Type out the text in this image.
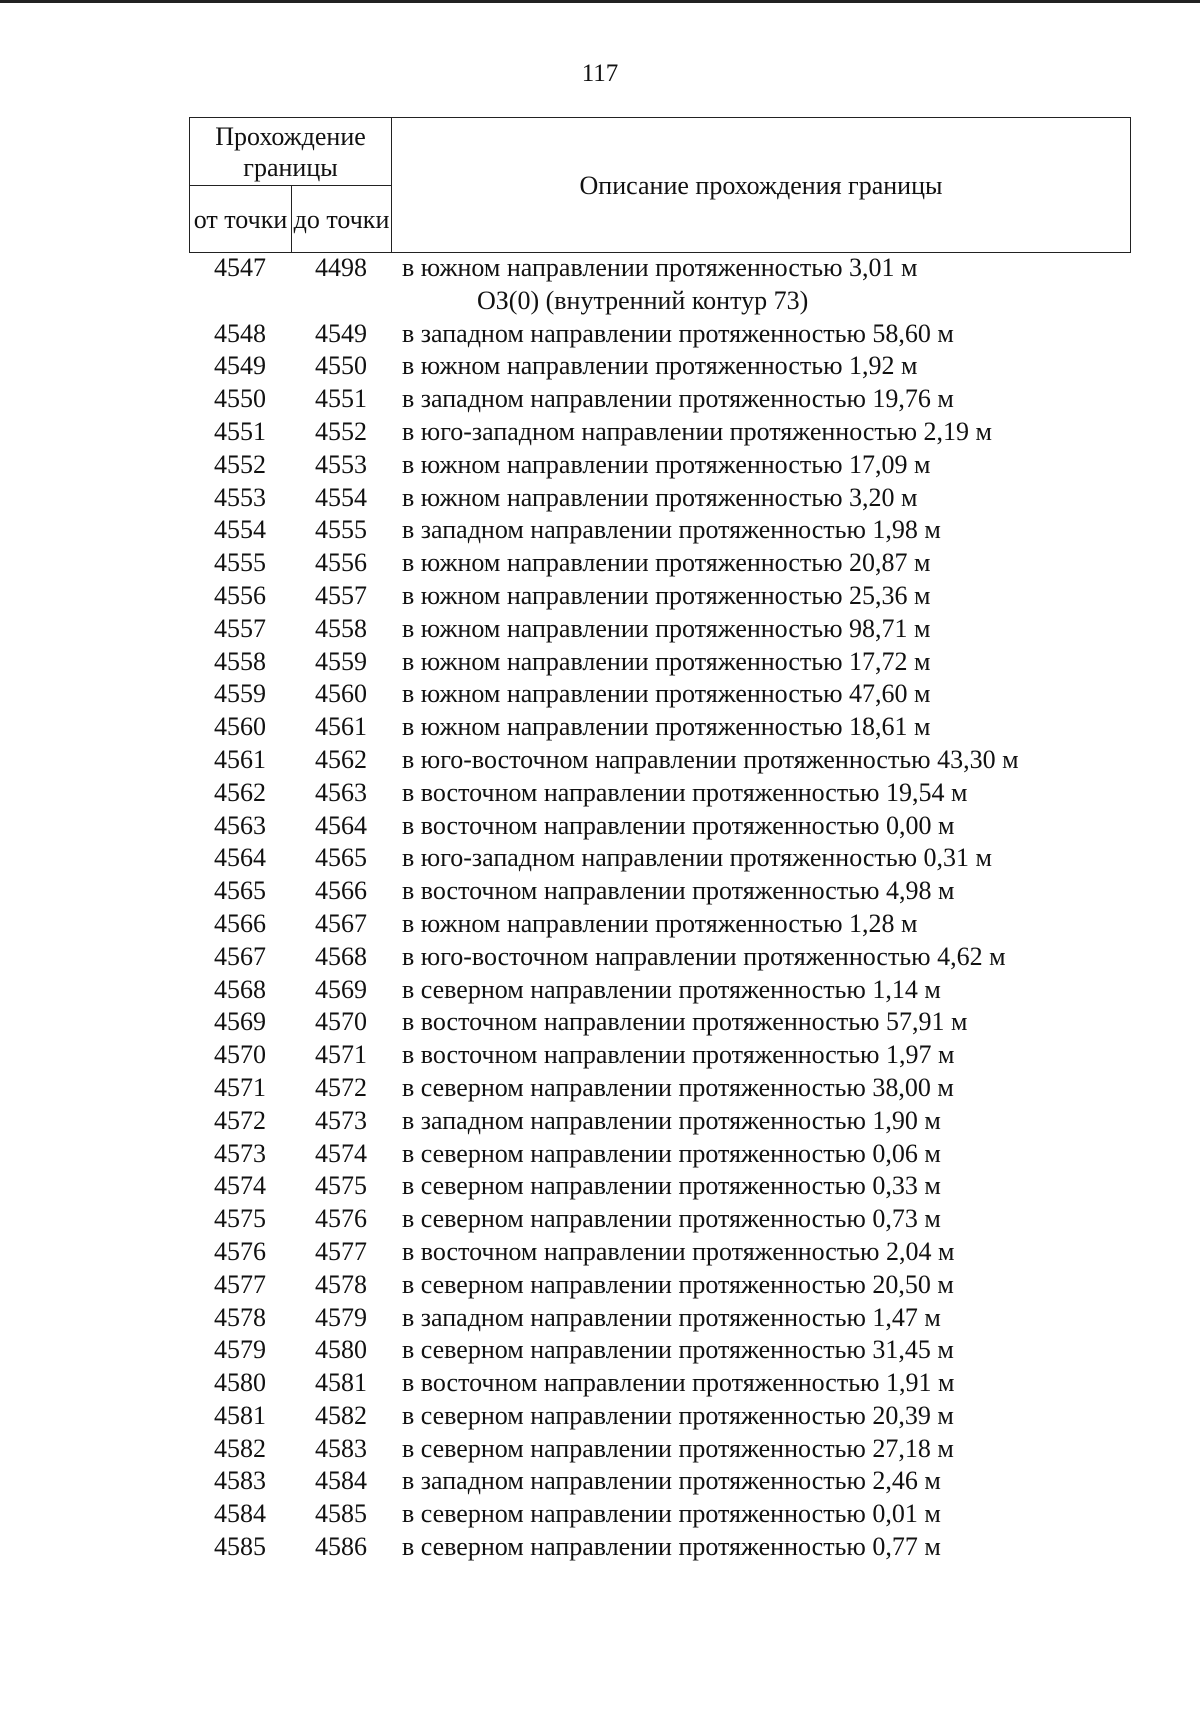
117
Прохождение границы		Описание прохождения границы
от точки	до точки	
4547	4498	в южном направлении протяженностью 3,01 м
ОЗ(0) (внутренний контур 73)
4548	4549	в западном направлении протяженностью 58,60 м
4549	4550	в южном направлении протяженностью 1,92 м
4550	4551	в западном направлении протяженностью 19,76 м
4551	4552	в юго-западном направлении протяженностью 2,19 м
4552	4553	в южном направлении протяженностью 17,09 м
4553	4554	в южном направлении протяженностью 3,20 м
4554	4555	в западном направлении протяженностью 1,98 м
4555	4556	в южном направлении протяженностью 20,87 м
4556	4557	в южном направлении протяженностью 25,36 м
4557	4558	в южном направлении протяженностью 98,71 м
4558	4559	в южном направлении протяженностью 17,72 м
4559	4560	в южном направлении протяженностью 47,60 м
4560	4561	в южном направлении протяженностью 18,61 м
4561	4562	в юго-восточном направлении протяженностью 43,30 м
4562	4563	в восточном направлении протяженностью 19,54 м
4563	4564	в восточном направлении протяженностью 0,00 м
4564	4565	в юго-западном направлении протяженностью 0,31 м
4565	4566	в восточном направлении протяженностью 4,98 м
4566	4567	в южном направлении протяженностью 1,28 м
4567	4568	в юго-восточном направлении протяженностью 4,62 м
4568	4569	в северном направлении протяженностью 1,14 м
4569	4570	в восточном направлении протяженностью 57,91 м
4570	4571	в восточном направлении протяженностью 1,97 м
4571	4572	в северном направлении протяженностью 38,00 м
4572	4573	в западном направлении протяженностью 1,90 м
4573	4574	в северном направлении протяженностью 0,06 м
4574	4575	в северном направлении протяженностью 0,33 м
4575	4576	в северном направлении протяженностью 0,73 м
4576	4577	в восточном направлении протяженностью 2,04 м
4577	4578	в северном направлении протяженностью 20,50 м
4578	4579	в западном направлении протяженностью 1,47 м
4579	4580	в северном направлении протяженностью 31,45 м
4580	4581	в восточном направлении протяженностью 1,91 м
4581	4582	в северном направлении протяженностью 20,39 м
4582	4583	в северном направлении протяженностью 27,18 м
4583	4584	в западном направлении протяженностью 2,46 м
4584	4585	в северном направлении протяженностью 0,01 м
4585	4586	в северном направлении протяженностью 0,77 м
